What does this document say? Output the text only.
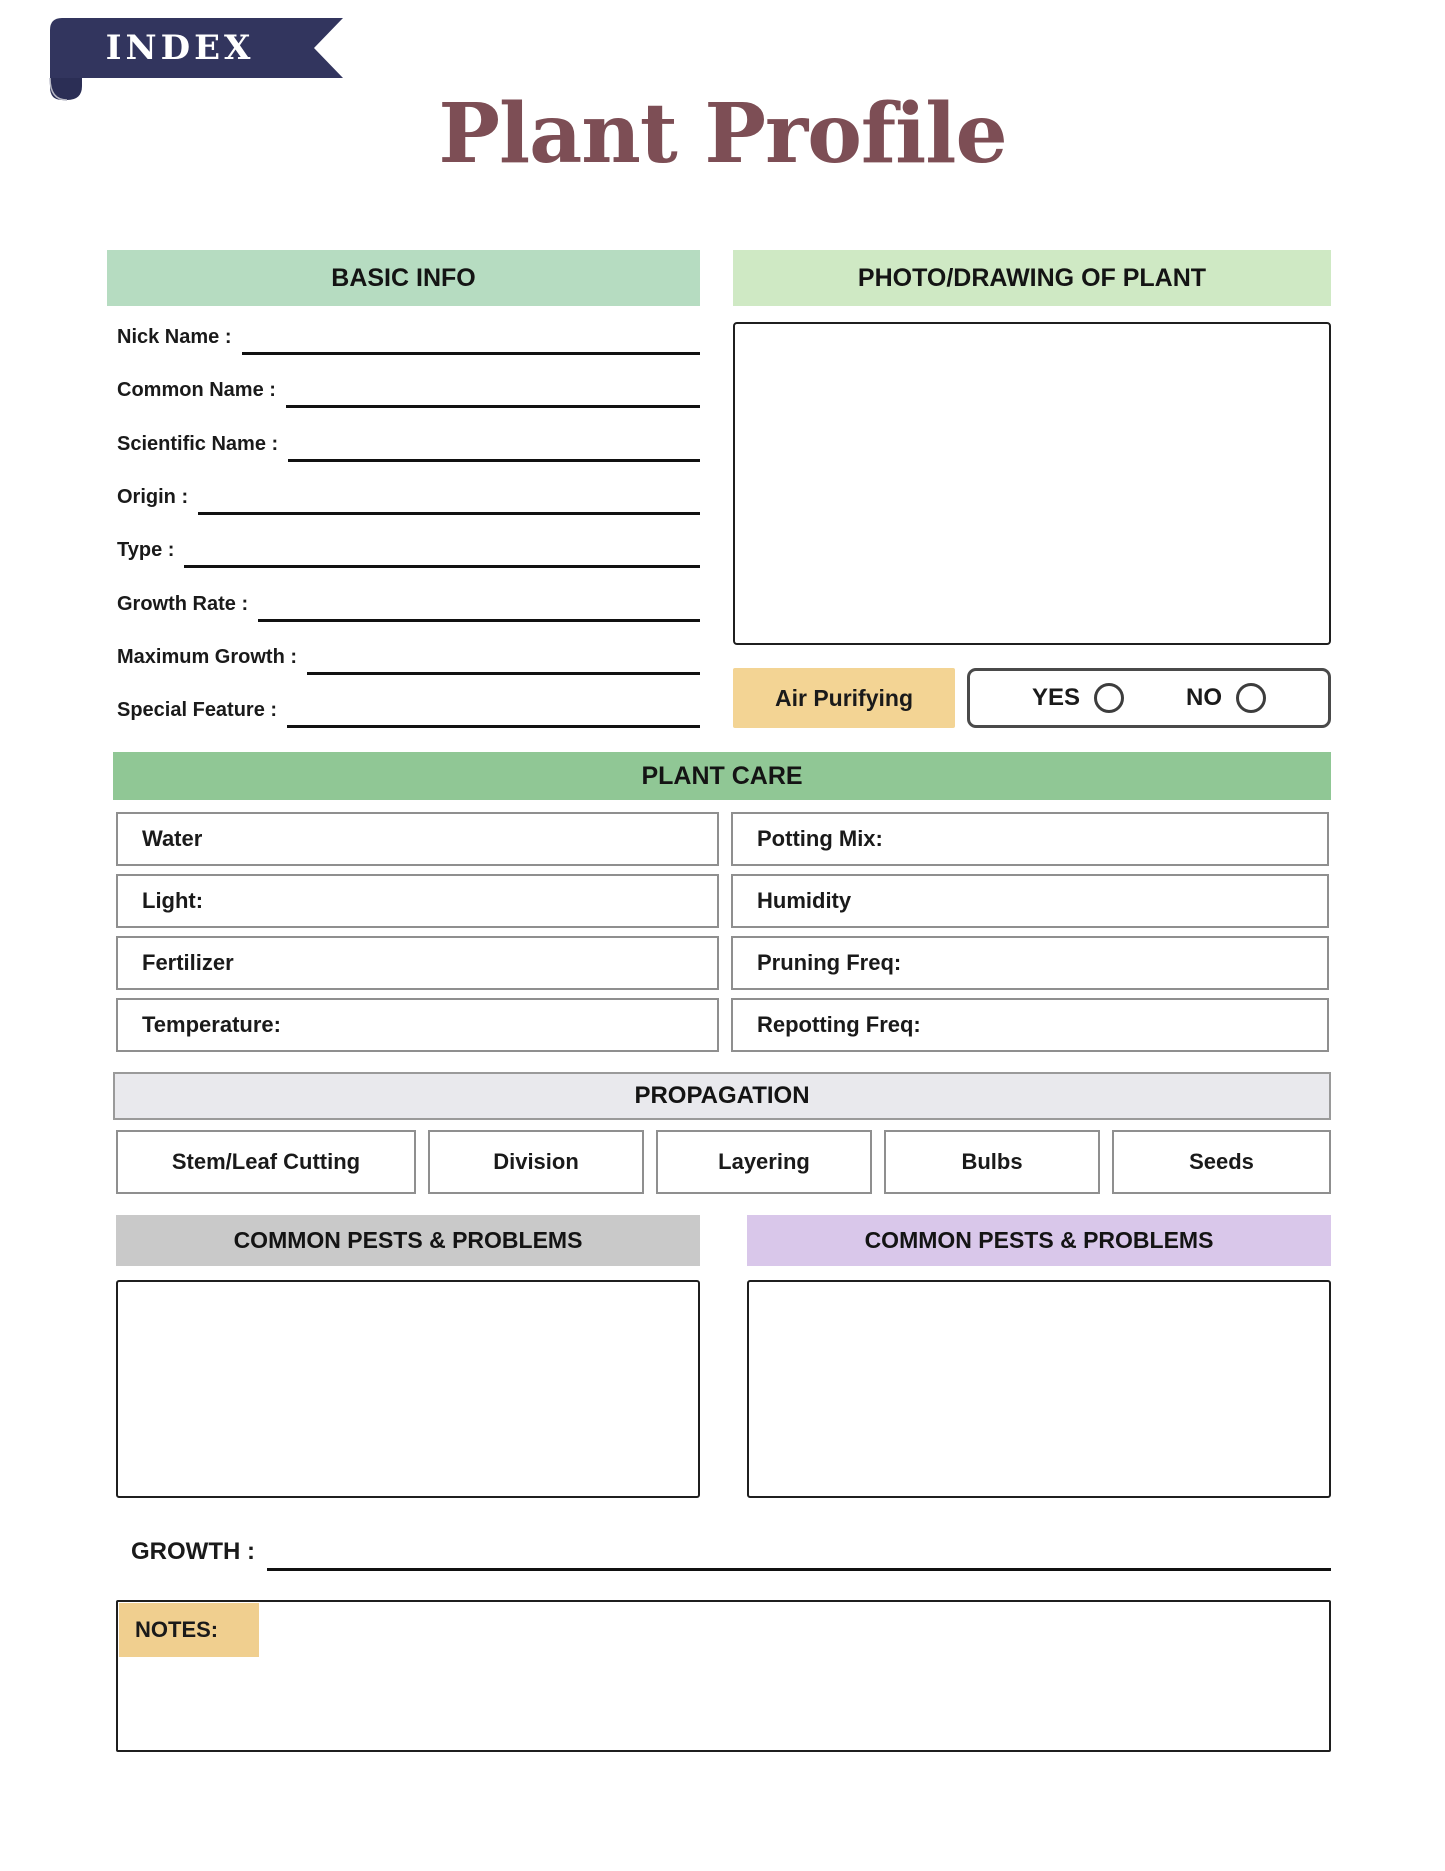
INDEX
Plant Profile
BASIC INFO
Nick Name :
Common Name :
Scientific Name :
Origin :
Type :
Growth Rate :
Maximum Growth :
Special Feature :
PHOTO/DRAWING OF PLANT
Air Purifying	YES	NO
PLANT CARE
Water	Potting Mix:
Light:	Humidity
Fertilizer	Pruning Freq:
Temperature:	Repotting Freq:
PROPAGATION
Stem/Leaf Cutting	Division	Layering	Bulbs	Seeds
COMMON PESTS & PROBLEMS	COMMON PESTS & PROBLEMS
GROWTH :
NOTES:
